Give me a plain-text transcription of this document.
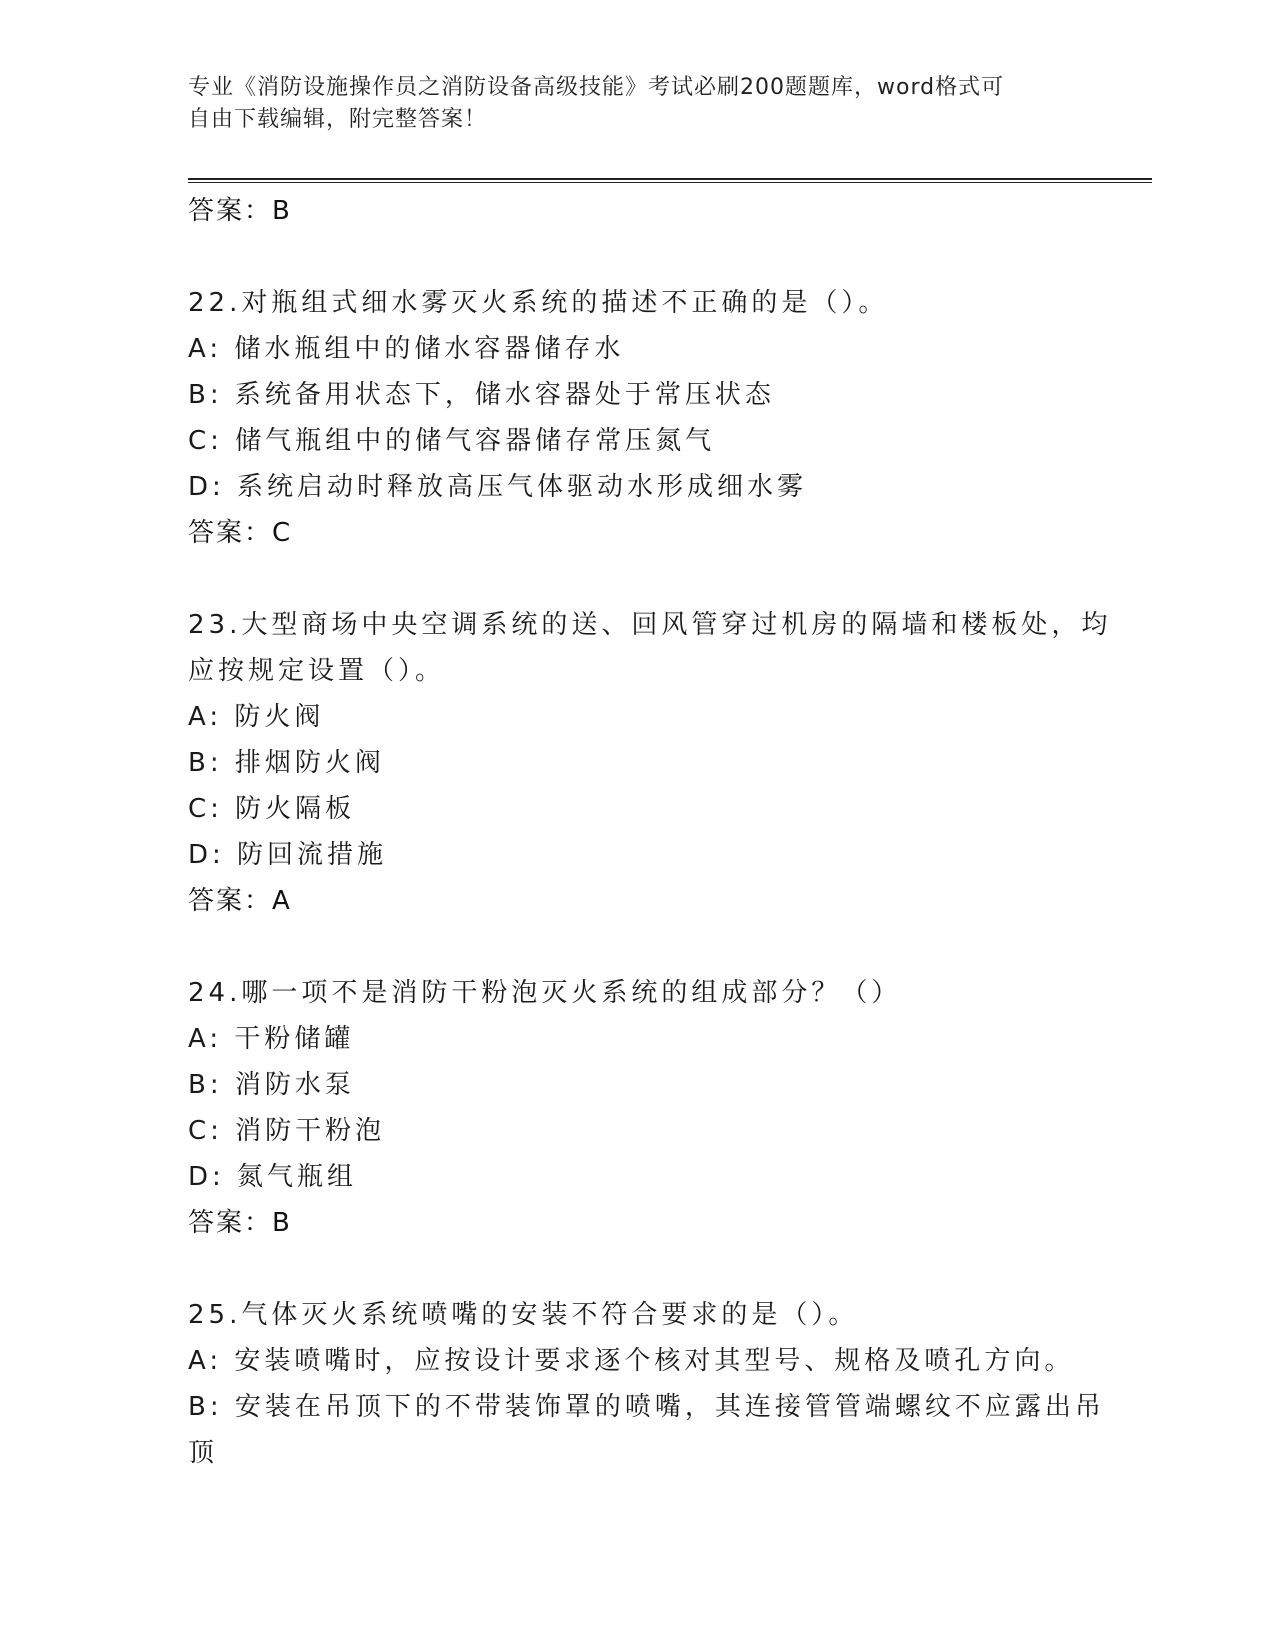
专业《消防设施操作员之消防设备高级技能》考试必刷200题题库，word格式可
自由下载编辑，附完整答案！
答案：B
22.对瓶组式细水雾灭火系统的描述不正确的是（）。
A: 储水瓶组中的储水容器储存水
B: 系统备用状态下，储水容器处于常压状态
C: 储气瓶组中的储气容器储存常压氮气
D: 系统启动时释放高压气体驱动水形成细水雾
答案：C
23.大型商场中央空调系统的送、回风管穿过机房的隔墙和楼板处，均
应按规定设置（）。
A: 防火阀
B: 排烟防火阀
C: 防火隔板
D: 防回流措施
答案：A
24.哪一项不是消防干粉泡灭火系统的组成部分？（）
A: 干粉储罐
B: 消防水泵
C: 消防干粉泡
D: 氮气瓶组
答案：B
25.气体灭火系统喷嘴的安装不符合要求的是（）。
A: 安装喷嘴时，应按设计要求逐个核对其型号、规格及喷孔方向。
B: 安装在吊顶下的不带装饰罩的喷嘴，其连接管管端螺纹不应露出吊
顶
